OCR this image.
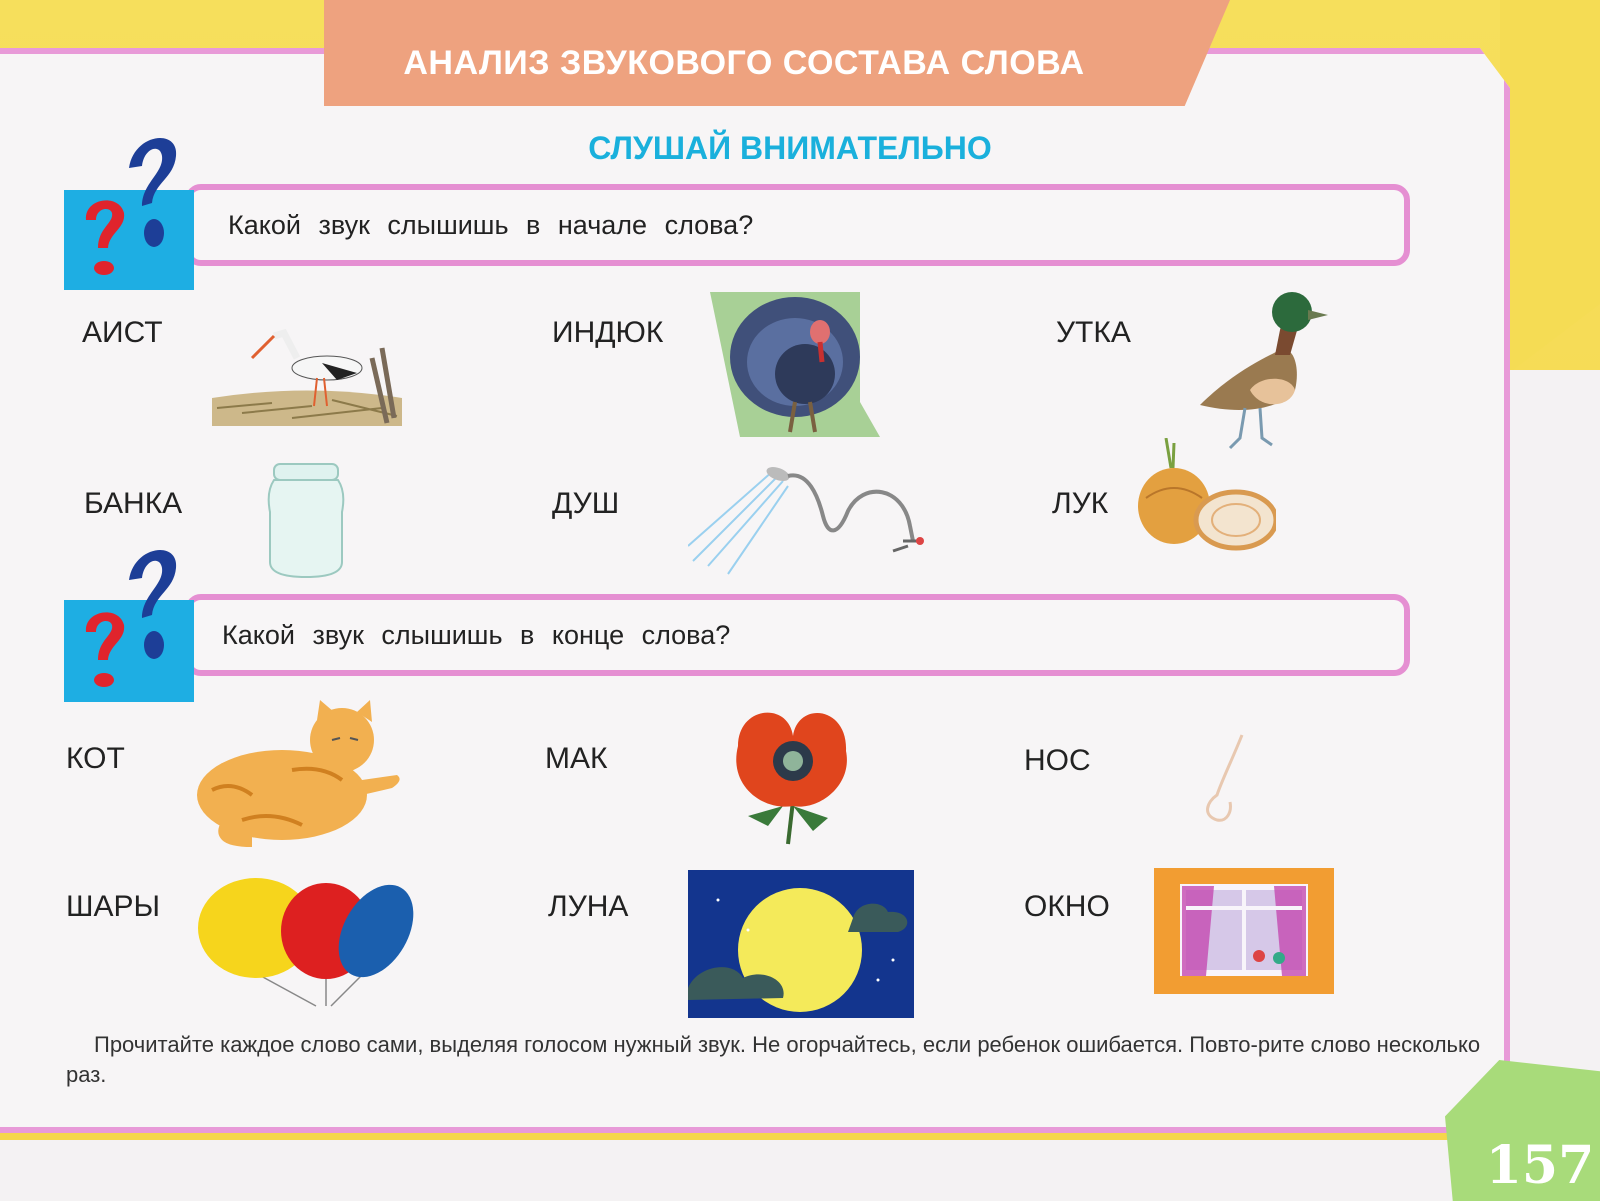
АНАЛИЗ ЗВУКОВОГО СОСТАВА СЛОВА
СЛУШАЙ ВНИМАТЕЛЬНО
Какой звук слышишь в начале слова?
АИСТ	ИНДЮК	УТКА
БАНКА	ДУШ	ЛУК
Какой звук слышишь в конце слова?
КОТ	МАК	НОС
ШАРЫ	ЛУНА	ОКНО
Прочитайте каждое слово сами, выделяя голосом нужный звук. Не огорчайтесь, если ребенок ошибается. Повто-рите слово несколько раз.
157
